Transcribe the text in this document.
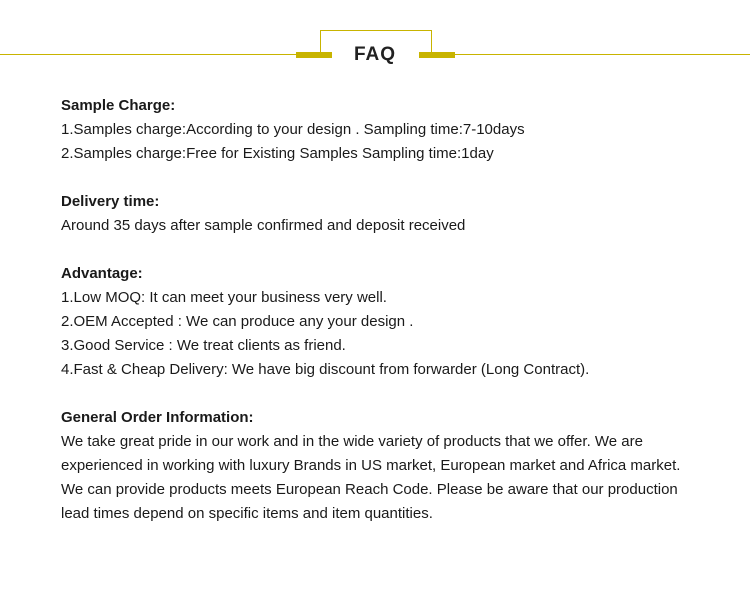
FAQ
Sample Charge:

1.Samples charge:According to your design . Sampling time:7-10days

2.Samples charge:Free for Existing Samples Sampling time:1day

Delivery time:

Around 35 days after sample confirmed and deposit received

Advantage:

1.Low MOQ: It can meet your business very well.

2.OEM Accepted : We can produce any your design .

3.Good Service : We treat clients as friend.

4.Fast & Cheap Delivery: We have big discount from forwarder (Long Contract).

General Order Information:

We take great pride in our work and in the wide variety of products that we offer. We are

experienced in working with luxury Brands in US market, European market and Africa market.

We can provide products meets European Reach Code. Please be aware that our production

lead times depend on specific items and item quantities.
